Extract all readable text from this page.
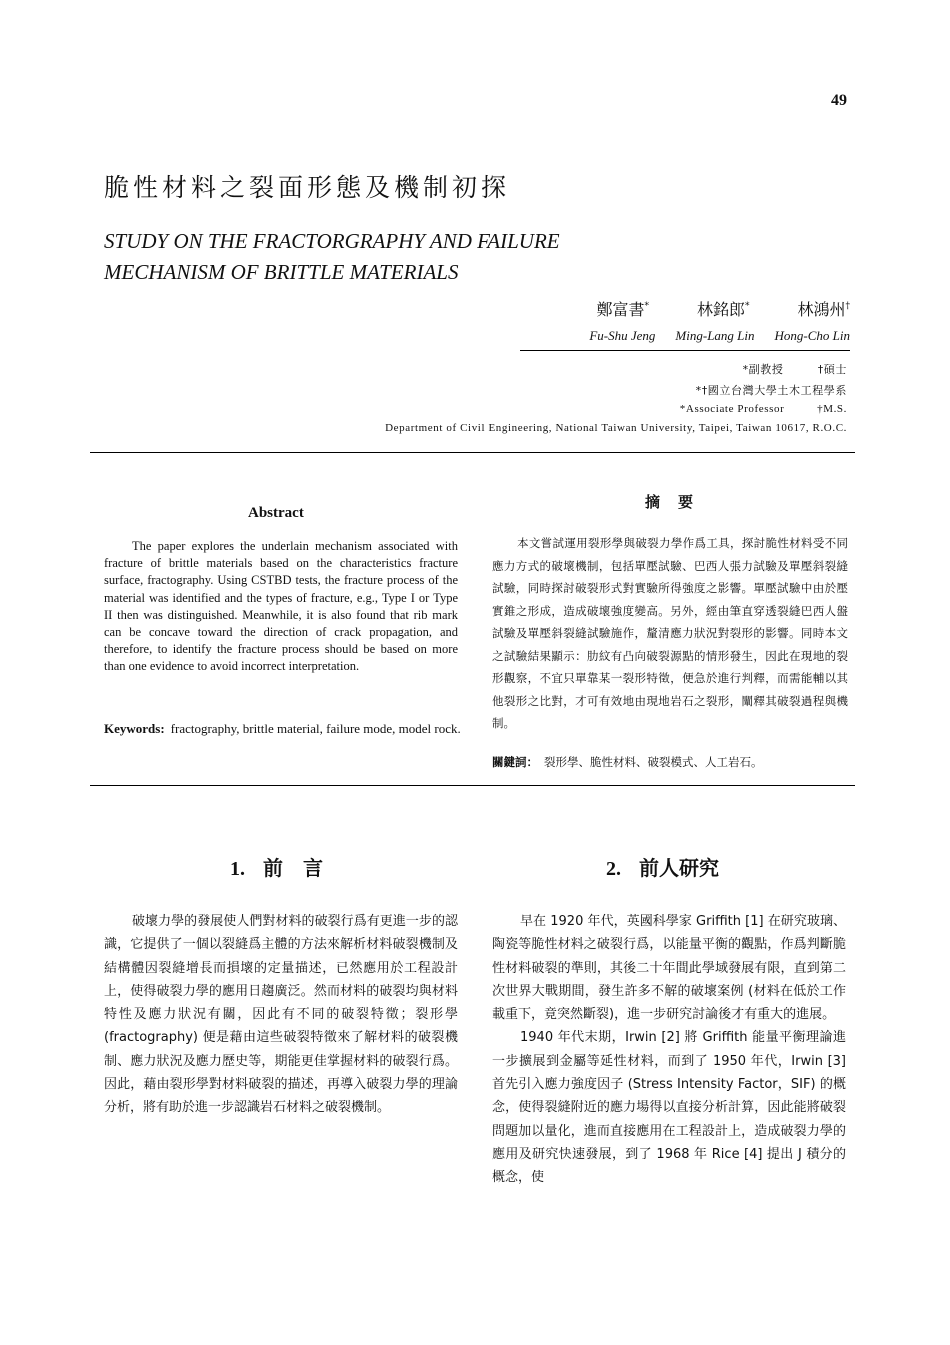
49
脆性材料之裂面形態及機制初探
STUDY ON THE FRACTORGRAPHY AND FAILURE
MECHANISM OF BRITTLE MATERIALS
鄭富書*	林銘郎*	林鴻州†
Fu-Shu Jeng Ming-Lang Lin Hong-Cho Lin
*副教授	†碩士
*†國立台灣大學土木工程學系
*Associate Professor	†M.S.
Department of Civil Engineering, National Taiwan University, Taipei, Taiwan 10617, R.O.C.
Abstract

The paper explores the underlain mechanism associated with fracture of brittle materials based on the characteristics fracture surface, fractography. Using CSTBD tests, the fracture process of the material was identified and the types of fracture, e.g., Type I or Type II then was distinguished. Meanwhile, it is also found that rib mark can be concave toward the direction of crack propagation, and therefore, to identify the fracture process should be based on more than one evidence to avoid incorrect interpretation.

Keywords: fractography, brittle material, failure mode, model rock.
摘要

本文嘗試運用裂形學與破裂力學作爲工具，探討脆性材料受不同應力方式的破壞機制，包括單壓試驗、巴西人張力試驗及單壓斜裂縫試驗，同時探討破裂形式對實驗所得強度之影響。單壓試驗中由於壓實錐之形成，造成破壞強度變高。另外，經由筆直穿透裂縫巴西人盤試驗及單壓斜裂縫試驗施作，釐清應力狀況對裂形的影響。同時本文之試驗結果顯示：肋紋有凸向破裂源點的情形發生，因此在現地的裂形觀察，不宜只單靠某一裂形特徵，便急於進行判釋，而需能輔以其他裂形之比對，才可有效地由現地岩石之裂形，闡釋其破裂過程與機制。

關鍵詞： 裂形學、脆性材料、破裂模式、人工岩石。
1. 前　言

破壞力學的發展使人們對材料的破裂行爲有更進一步的認識，它提供了一個以裂縫爲主體的方法來解析材料破裂機制及結構體因裂縫增長而損壞的定量描述，已然應用於工程設計上，使得破裂力學的應用日趨廣泛。然而材料的破裂均與材料特性及應力狀況有關，因此有不同的破裂特徵；裂形學 (fractography) 便是藉由這些破裂特徵來了解材料的破裂機制、應力狀況及應力歷史等，期能更佳掌握材料的破裂行爲。因此，藉由裂形學對材料破裂的描述，再導入破裂力學的理論分析，將有助於進一步認識岩石材料之破裂機制。

2. 前人研究

早在 1920 年代，英國科學家 Griffith [1] 在研究玻璃、陶瓷等脆性材料之破裂行爲，以能量平衡的觀點，作爲判斷脆性材料破裂的準則，其後二十年間此學域發展有限，直到第二次世界大戰期間，發生許多不解的破壞案例 (材料在低於工作載重下，竟突然斷裂)，進一步研究討論後才有重大的進展。

1940 年代末期，Irwin [2] 將 Griffith 能量平衡理論進一步擴展到金屬等延性材料，而到了 1950 年代，Irwin [3] 首先引入應力強度因子 (Stress Intensity Factor，SIF) 的概念，使得裂縫附近的應力場得以直接分析計算，因此能將破裂問題加以量化，進而直接應用在工程設計上，造成破裂力學的應用及研究快速發展，到了 1968 年 Rice [4] 提出 J 積分的概念，使
